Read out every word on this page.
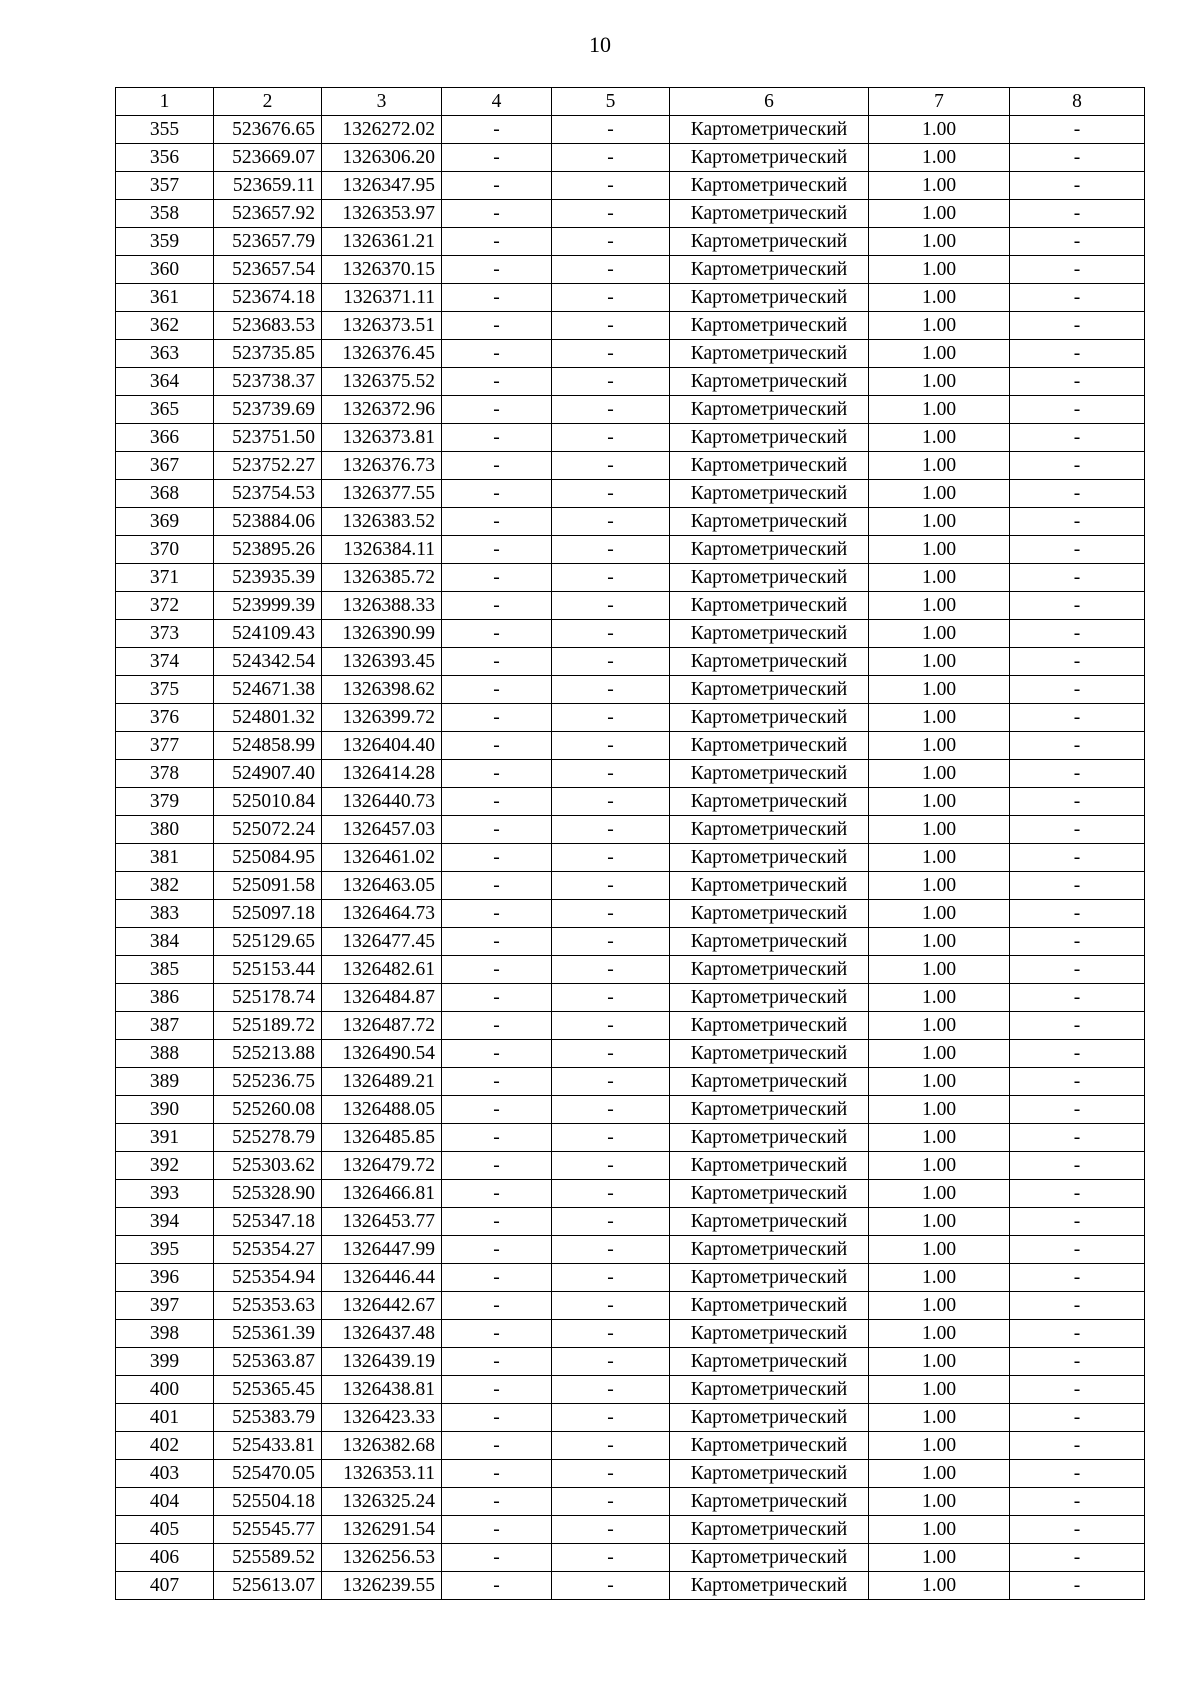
10
1	2	3	4	5	6	7	8
355	523676.65	1326272.02	-	-	Картометрический	1.00	-
356	523669.07	1326306.20	-	-	Картометрический	1.00	-
357	523659.11	1326347.95	-	-	Картометрический	1.00	-
358	523657.92	1326353.97	-	-	Картометрический	1.00	-
359	523657.79	1326361.21	-	-	Картометрический	1.00	-
360	523657.54	1326370.15	-	-	Картометрический	1.00	-
361	523674.18	1326371.11	-	-	Картометрический	1.00	-
362	523683.53	1326373.51	-	-	Картометрический	1.00	-
363	523735.85	1326376.45	-	-	Картометрический	1.00	-
364	523738.37	1326375.52	-	-	Картометрический	1.00	-
365	523739.69	1326372.96	-	-	Картометрический	1.00	-
366	523751.50	1326373.81	-	-	Картометрический	1.00	-
367	523752.27	1326376.73	-	-	Картометрический	1.00	-
368	523754.53	1326377.55	-	-	Картометрический	1.00	-
369	523884.06	1326383.52	-	-	Картометрический	1.00	-
370	523895.26	1326384.11	-	-	Картометрический	1.00	-
371	523935.39	1326385.72	-	-	Картометрический	1.00	-
372	523999.39	1326388.33	-	-	Картометрический	1.00	-
373	524109.43	1326390.99	-	-	Картометрический	1.00	-
374	524342.54	1326393.45	-	-	Картометрический	1.00	-
375	524671.38	1326398.62	-	-	Картометрический	1.00	-
376	524801.32	1326399.72	-	-	Картометрический	1.00	-
377	524858.99	1326404.40	-	-	Картометрический	1.00	-
378	524907.40	1326414.28	-	-	Картометрический	1.00	-
379	525010.84	1326440.73	-	-	Картометрический	1.00	-
380	525072.24	1326457.03	-	-	Картометрический	1.00	-
381	525084.95	1326461.02	-	-	Картометрический	1.00	-
382	525091.58	1326463.05	-	-	Картометрический	1.00	-
383	525097.18	1326464.73	-	-	Картометрический	1.00	-
384	525129.65	1326477.45	-	-	Картометрический	1.00	-
385	525153.44	1326482.61	-	-	Картометрический	1.00	-
386	525178.74	1326484.87	-	-	Картометрический	1.00	-
387	525189.72	1326487.72	-	-	Картометрический	1.00	-
388	525213.88	1326490.54	-	-	Картометрический	1.00	-
389	525236.75	1326489.21	-	-	Картометрический	1.00	-
390	525260.08	1326488.05	-	-	Картометрический	1.00	-
391	525278.79	1326485.85	-	-	Картометрический	1.00	-
392	525303.62	1326479.72	-	-	Картометрический	1.00	-
393	525328.90	1326466.81	-	-	Картометрический	1.00	-
394	525347.18	1326453.77	-	-	Картометрический	1.00	-
395	525354.27	1326447.99	-	-	Картометрический	1.00	-
396	525354.94	1326446.44	-	-	Картометрический	1.00	-
397	525353.63	1326442.67	-	-	Картометрический	1.00	-
398	525361.39	1326437.48	-	-	Картометрический	1.00	-
399	525363.87	1326439.19	-	-	Картометрический	1.00	-
400	525365.45	1326438.81	-	-	Картометрический	1.00	-
401	525383.79	1326423.33	-	-	Картометрический	1.00	-
402	525433.81	1326382.68	-	-	Картометрический	1.00	-
403	525470.05	1326353.11	-	-	Картометрический	1.00	-
404	525504.18	1326325.24	-	-	Картометрический	1.00	-
405	525545.77	1326291.54	-	-	Картометрический	1.00	-
406	525589.52	1326256.53	-	-	Картометрический	1.00	-
407	525613.07	1326239.55	-	-	Картометрический	1.00	-
